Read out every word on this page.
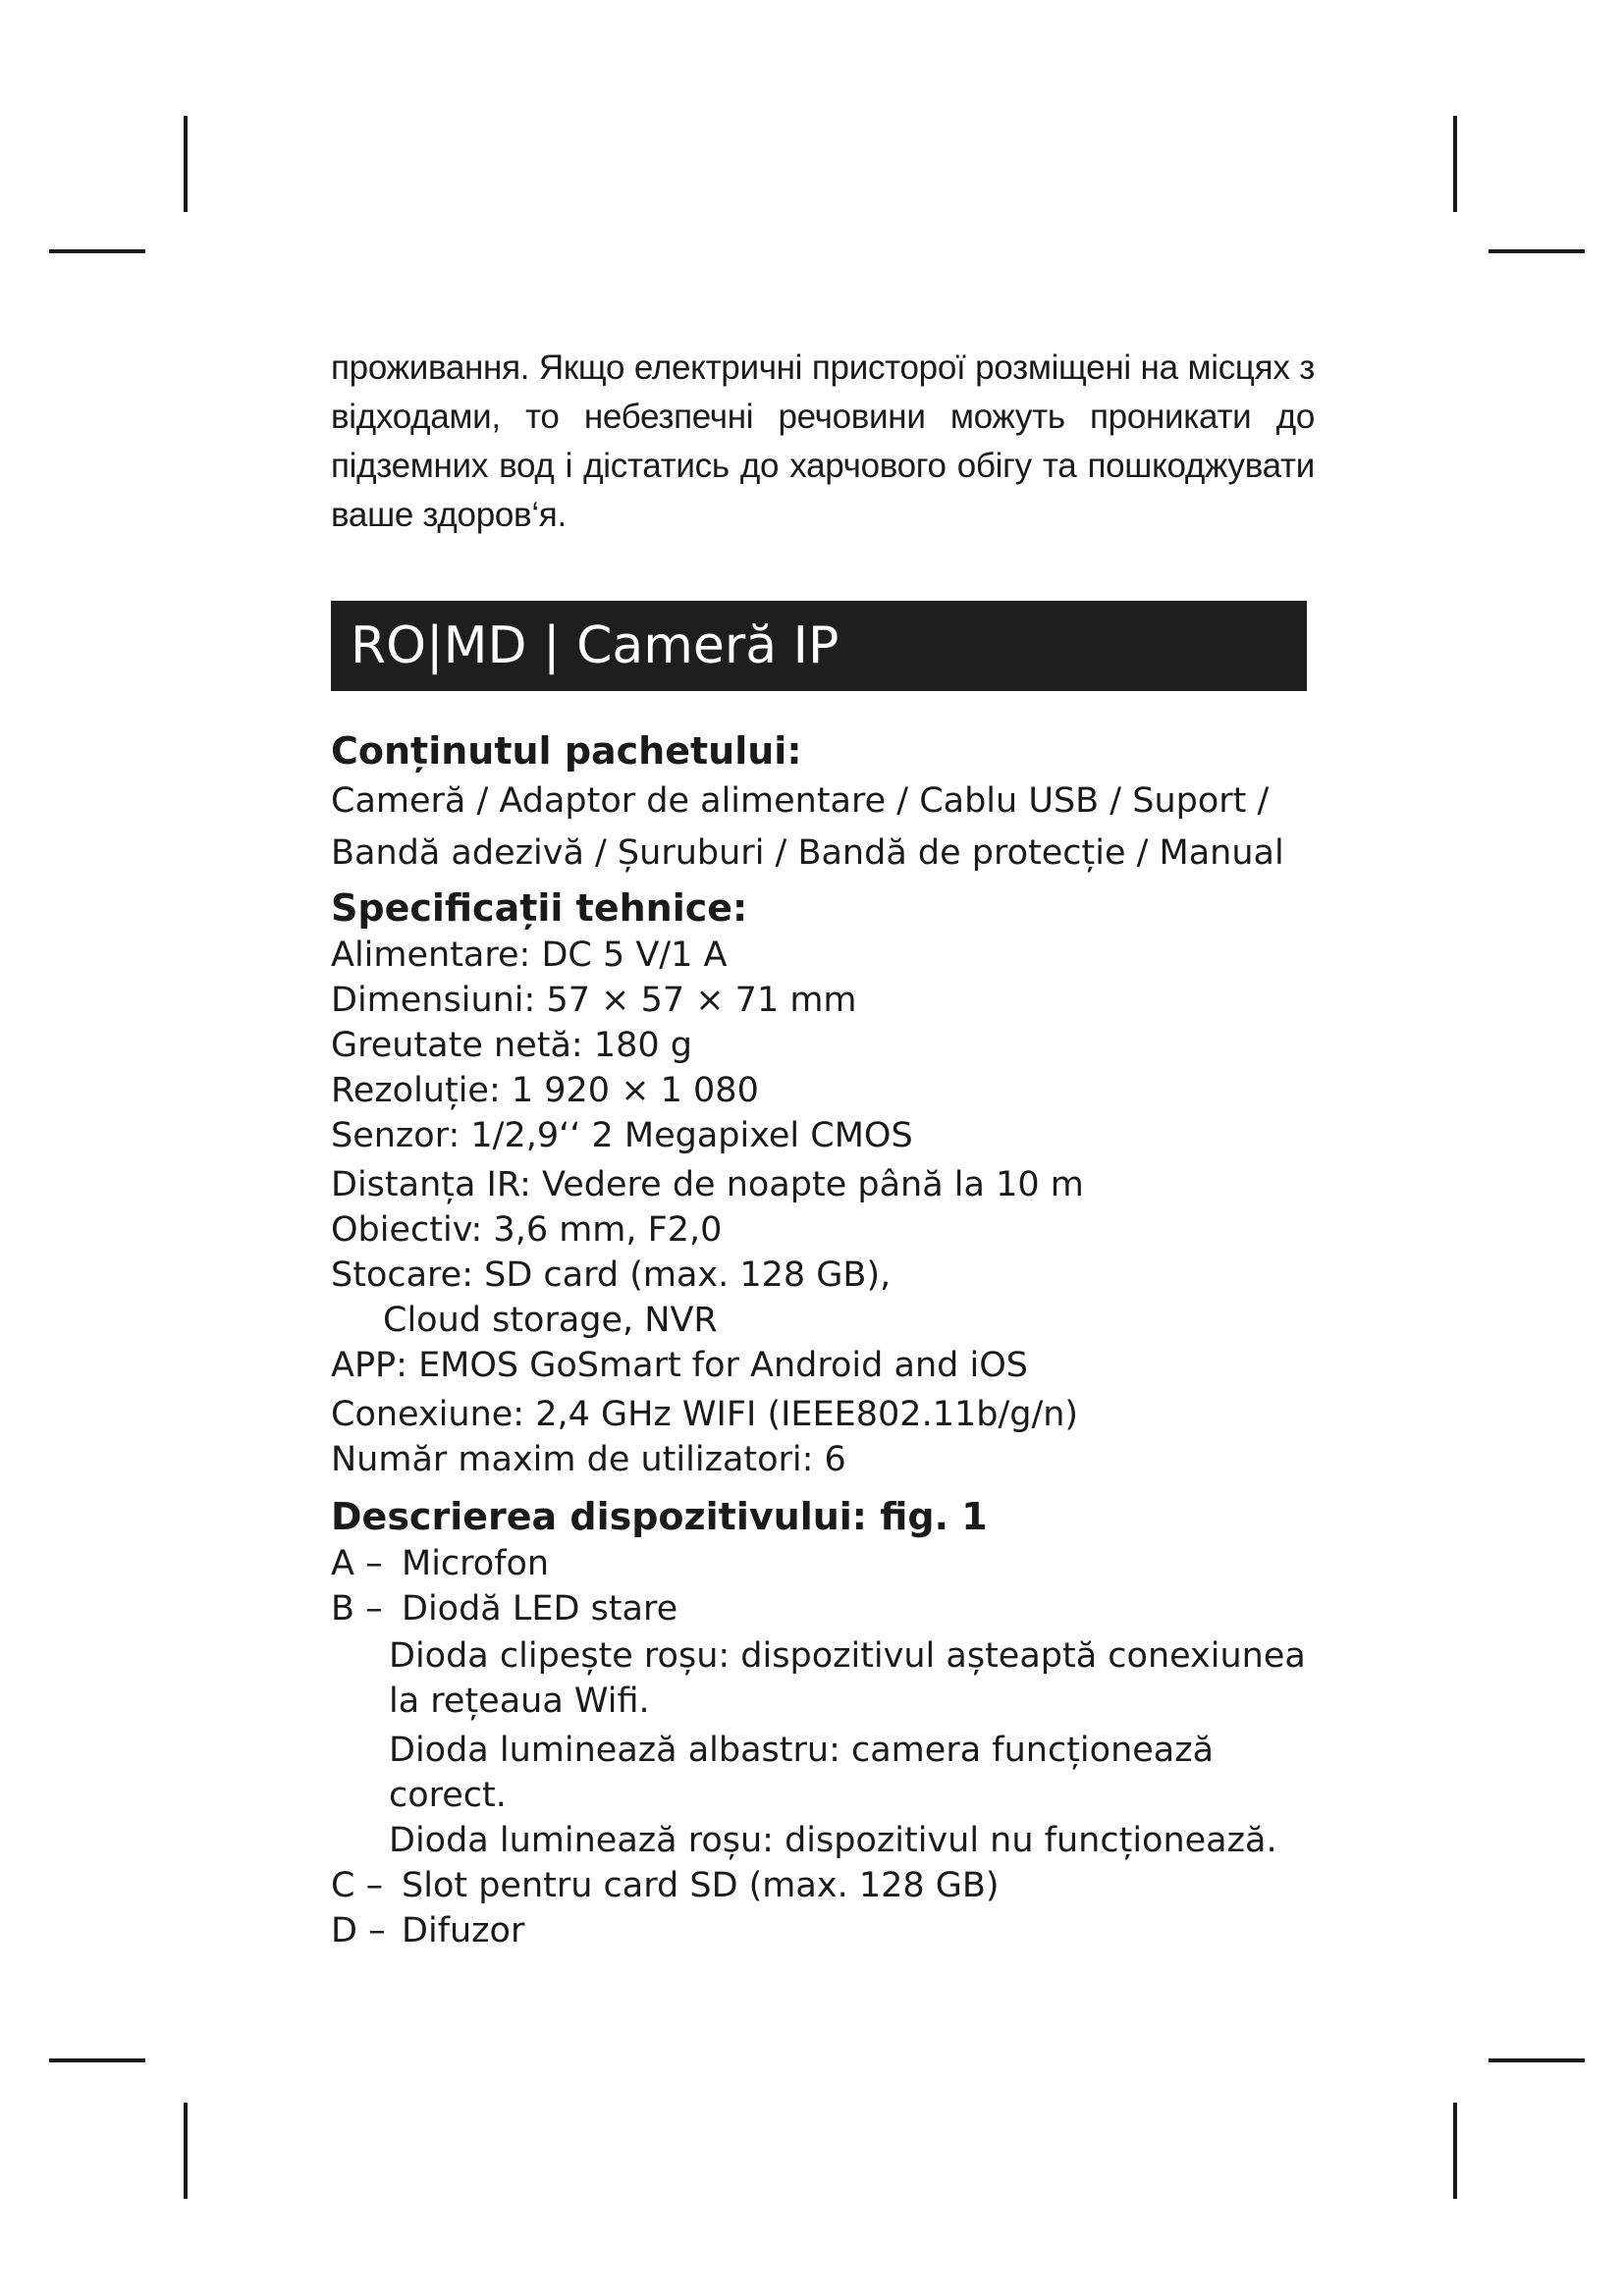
проживання. Якщо електричні присторої розміщені на місцях з відходами, то небезпечні речовини можуть проникати до підземних вод і дістатись до харчового обігу та пошкоджувати ваше здоров‘я.

RO|MD | Cameră IP
Conținutul pachetului:

Cameră / Adaptor de alimentare / Cablu USB / Suport / Bandă adezivă / Șuruburi / Bandă de protecție / Manual

Specificații tehnice:

Alimentare: DC 5 V/1 A

Dimensiuni: 57 × 57 × 71 mm

Greutate netă: 180 g

Rezoluție: 1 920 × 1 080

Senzor: 1/2,9‘‘ 2 Megapixel CMOS

Distanța IR: Vedere de noapte până la 10 m

Obiectiv: 3,6 mm, F2,0

Stocare: SD card (max. 128 GB),

Cloud storage, NVR

APP: EMOS GoSmart for Android and iOS

Conexiune: 2,4 GHz WIFI (IEEE802.11b/g/n)

Număr maxim de utilizatori: 6

Descrierea dispozitivului: fig. 1
A – Microfon
B – Diodă LED stare

Dioda clipește roșu: dispozitivul așteaptă conexiunea la rețeaua Wifi.

Dioda luminează albastru: camera funcționează corect.

Dioda luminează roșu: dispozitivul nu funcționează.

C – Slot pentru card SD (max. 128 GB)
D – Difuzor
